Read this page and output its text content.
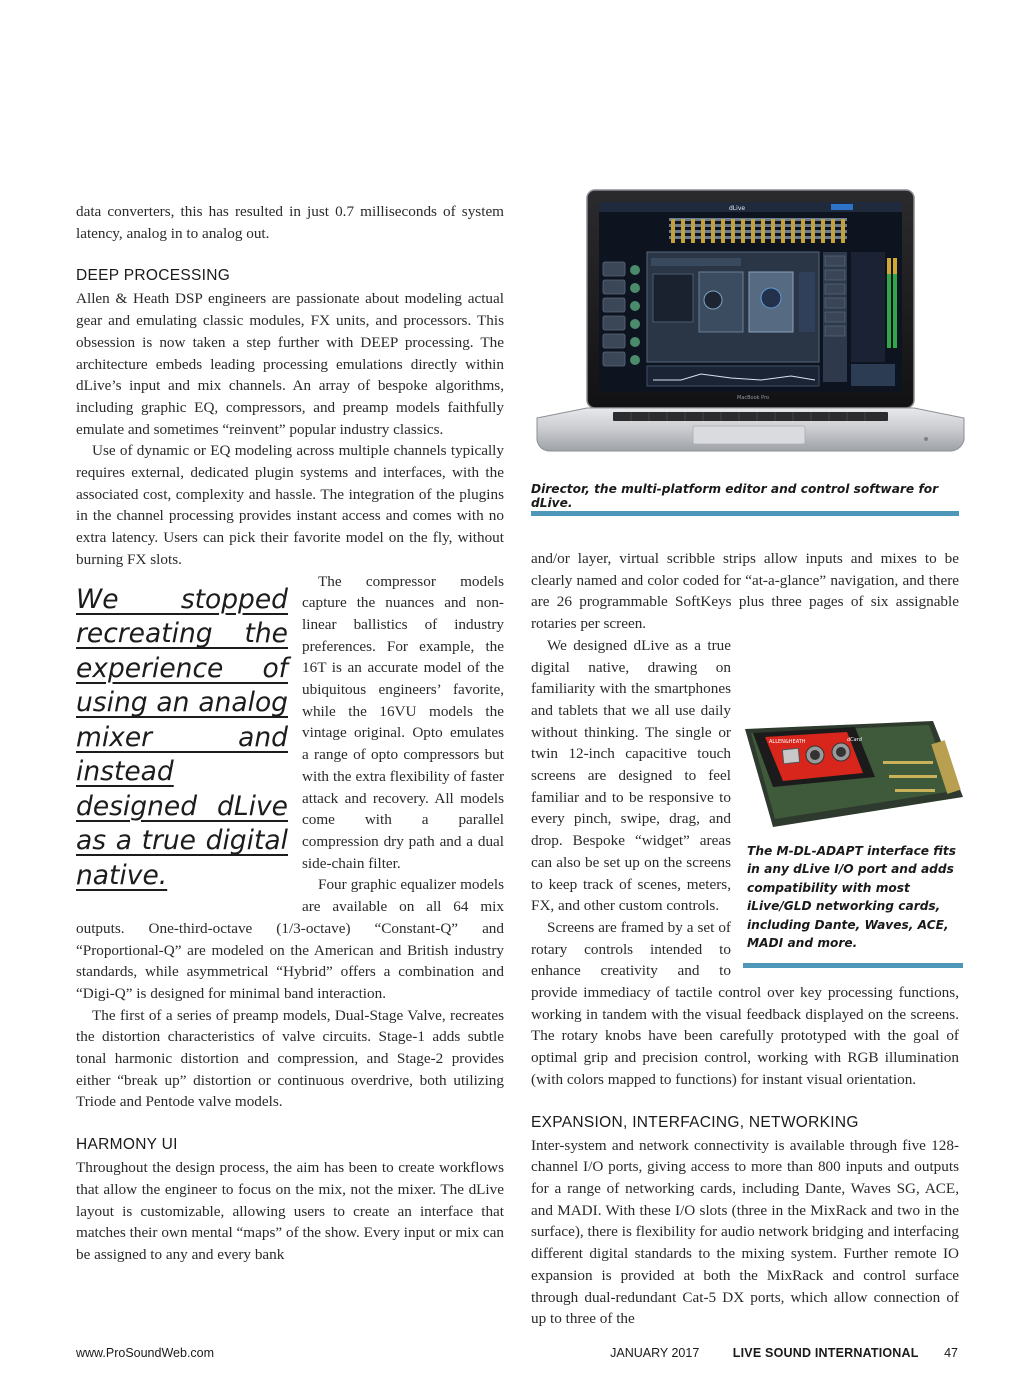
data converters, this has resulted in just 0.7 milliseconds of system latency, analog in to analog out.

DEEP PROCESSING

Allen & Heath DSP engineers are passionate about modeling actual gear and emulating classic modules, FX units, and processors. This obsession is now taken a step further with DEEP processing. The architecture embeds leading processing emulations directly within dLive’s input and mix channels. An array of bespoke algorithms, including graphic EQ, compressors, and preamp models faithfully emulate and sometimes “reinvent” popular industry classics.

Use of dynamic or EQ modeling across multiple channels typically requires external, dedicated plugin systems and interfaces, with the associated cost, complexity and hassle. The integration of the plugins in the channel processing provides instant access and comes with no extra latency. Users can pick their favorite model on the fly, without burning FX slots.

We stopped recreating the experience of using an analog mixer and instead designed dLive as a true digital native.

The compressor models capture the nuances and non-linear ballistics of industry preferences. For example, the 16T is an accurate model of the ubiquitous engineers’ favorite, while the 16VU models the vintage original. Opto emulates a range of opto compressors but with the extra flexibility of faster attack and recovery. All models come with a parallel compression dry path and a dual side-chain filter.

Four graphic equalizer models are available on all 64 mix outputs. One-third-octave (1/3-octave) “Constant-Q” and “Proportional-Q” are modeled on the American and British industry standards, while asymmetrical “Hybrid” offers a combination and “Digi-Q” is designed for minimal band interaction.

The first of a series of preamp models, Dual-Stage Valve, recreates the distortion characteristics of valve circuits. Stage-1 adds subtle tonal harmonic distortion and compression, and Stage-2 provides either “break up” distortion or continuous overdrive, both utilizing Triode and Pentode valve models.

HARMONY UI

Throughout the design process, the aim has been to create workflows that allow the engineer to focus on the mix, not the mixer. The dLive layout is customizable, allowing users to create an interface that matches their own mental “maps” of the show. Every input or mix can be assigned to any and every bank

dLive
MacBook Pro
Director, the multi-platform editor and control software for dLive.

and/or layer, virtual scribble strips allow inputs and mixes to be clearly named and color coded for “at-a-glance” navigation, and there are 26 programmable SoftKeys plus three pages of six assignable rotaries per screen.

ALLEN&HEATH	dCard
The M-DL-ADAPT interface fits in any dLive I/O port and adds compatibility with most iLive/GLD networking cards, including Dante, Waves, ACE, MADI and more.

We designed dLive as a true digital native, drawing on familiarity with the smartphones and tablets that we all use daily without thinking. The single or twin 12-inch capacitive touch screens are designed to feel familiar and to be responsive to every pinch, swipe, drag, and drop. Bespoke “widget” areas can also be set up on the screens to keep track of scenes, meters, FX, and other custom controls.

Screens are framed by a set of rotary controls intended to enhance creativity and to provide immediacy of tactile control over key processing functions, working in tandem with the visual feedback displayed on the screens. The rotary knobs have been carefully prototyped with the goal of optimal grip and precision control, working with RGB illumination (with colors mapped to functions) for instant visual orientation.

EXPANSION, INTERFACING, NETWORKING

Inter-system and network connectivity is available through five 128-channel I/O ports, giving access to more than 800 inputs and outputs for a range of networking cards, including Dante, Waves SG, ACE, and MADI. With these I/O slots (three in the MixRack and two in the surface), there is flexibility for audio network bridging and interfacing different digital standards to the mixing system. Further remote IO expansion is provided at both the MixRack and control surface through dual-redundant Cat-5 DX ports, which allow connection of up to three of the

www.ProSoundWeb.com	JANUARY 2017	LIVE SOUND INTERNATIONAL 47
